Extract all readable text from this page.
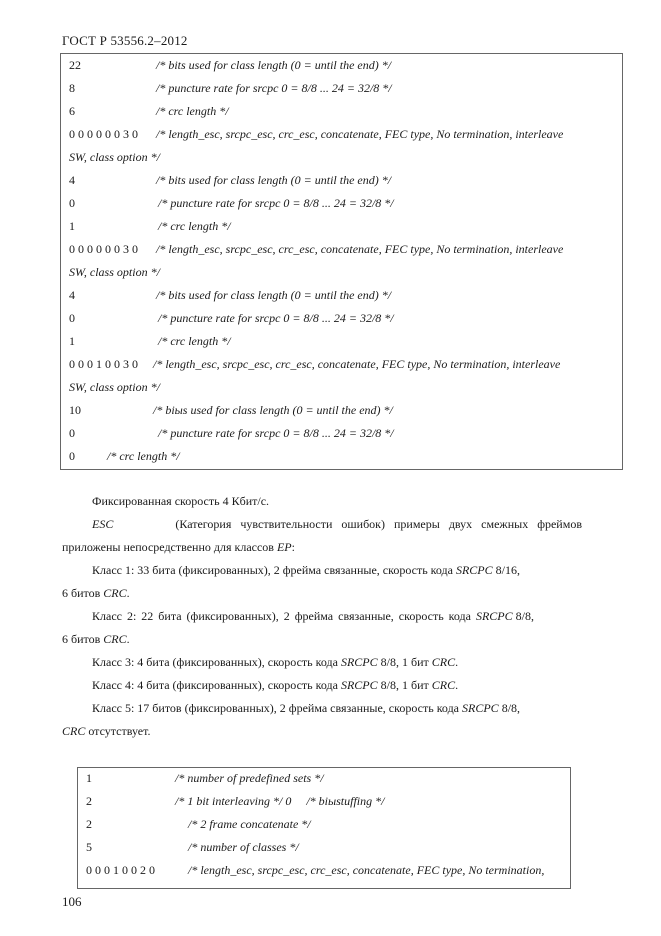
ГОСТ Р 53556.2–2012
22	/* bits used for class length (0 = until the end) */
8	/* puncture rate for srcpc 0 = 8/8 ... 24 = 32/8 */
6	/* crc length */
0 0 0 0 0 0 3 0 /* length_esc, srcpc_esc, crc_esc, concatenate, FEC type, No termination, interleave
SW, class option */
4	/* bits used for class length (0 = until the end) */
0	/* puncture rate for srcpc 0 = 8/8 ... 24 = 32/8 */
1	/* crc length */
0 0 0 0 0 0 3 0 /* length_esc, srcpc_esc, crc_esc, concatenate, FEC type, No termination, interleave
SW, class option */
4	/* bits used for class length (0 = until the end) */
0	/* puncture rate for srcpc 0 = 8/8 ... 24 = 32/8 */
1	/* crc length */
0 0 0 1 0 0 3 0 /* length_esc, srcpc_esc, crc_esc, concatenate, FEC type, No termination, interleave
SW, class option */
10	/* biыs used for class length (0 = until the end) */
0	/* puncture rate for srcpc 0 = 8/8 ... 24 = 32/8 */
0	/* crc length */
Фиксированная скорость 4 Кбит/с.
ESC	(Категория чувствительности ошибок) примеры двух смежных фреймов
приложены непосредственно для классов EP:
Класс 1: 33 бита (фиксированных), 2 фрейма связанные, скорость кода SRCPC 8/16,
6 битов CRC.
Класс 2: 22 бита (фиксированных), 2 фрейма связанные, скорость кода SRCPC 8/8,
6 битов CRC.
Класс 3: 4 бита (фиксированных), скорость кода SRCPC 8/8, 1 бит CRC.
Класс 4: 4 бита (фиксированных), скорость кода SRCPC 8/8, 1 бит CRC.
Класс 5: 17 битов (фиксированных), 2 фрейма связанные, скорость кода SRCPC 8/8,
CRC отсутствует.
1	/* number of predefined sets */
2	/* 1 bit interleaving */ 0     /* biыstuffing */
2	/* 2 frame concatenate */
5	/* number of classes */
0 0 0 1 0 0 2 0	/* length_esc, srcpc_esc, crc_esc, concatenate, FEC type, No termination,
106
